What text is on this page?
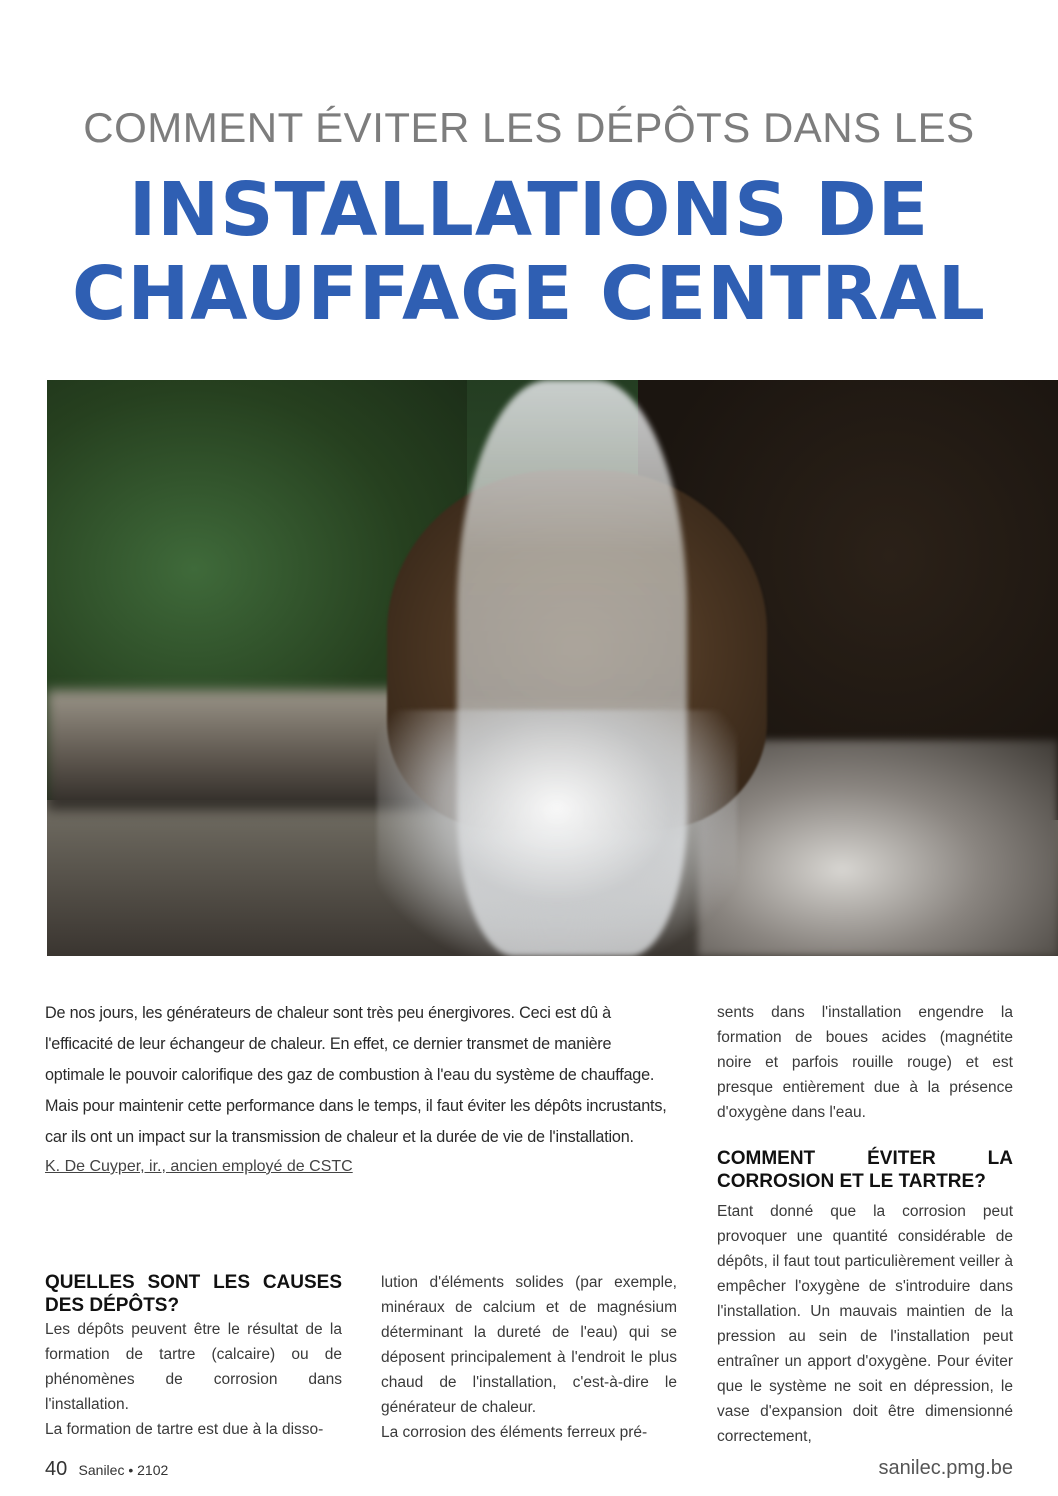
COMMENT ÉVITER LES DÉPÔTS DANS LES
INSTALLATIONS DE
CHAUFFAGE CENTRAL
De nos jours, les générateurs de chaleur sont très peu énergivores. Ceci est dû à l'efficacité de leur échangeur de chaleur. En effet, ce dernier transmet de manière optimale le pouvoir calorifique des gaz de combustion à l'eau du système de chauffage. Mais pour maintenir cette performance dans le temps, il faut éviter les dépôts incrustants, car ils ont un impact sur la transmission de chaleur et la durée de vie de l'installation.
K. De Cuyper, ir., ancien employé de CSTC
QUELLES SONT LES CAUSES DES DÉPÔTS?

Les dépôts peuvent être le résultat de la formation de tartre (calcaire) ou de phénomènes de corrosion dans l'installation.

La formation de tartre est due à la disso-

lution d'éléments solides (par exemple, minéraux de calcium et de magnésium déterminant la dureté de l'eau) qui se déposent principalement à l'endroit le plus chaud de l'installation, c'est-à-dire le générateur de chaleur.

La corrosion des éléments ferreux pré-

sents dans l'installation engendre la formation de boues acides (magnétite noire et parfois rouille rouge) et est presque entièrement due à la présence d'oxygène dans l'eau.

COMMENT ÉVITER LA CORROSION ET LE TARTRE?

Etant donné que la corrosion peut provoquer une quantité considérable de dépôts, il faut tout particulièrement veiller à empêcher l'oxygène de s'introduire dans l'installation. Un mauvais maintien de la pression au sein de l'installation peut entraîner un apport d'oxygène. Pour éviter que le système ne soit en dépression, le vase d'expansion doit être dimensionné correctement,

40 Sanilec • 2102	sanilec.pmg.be
